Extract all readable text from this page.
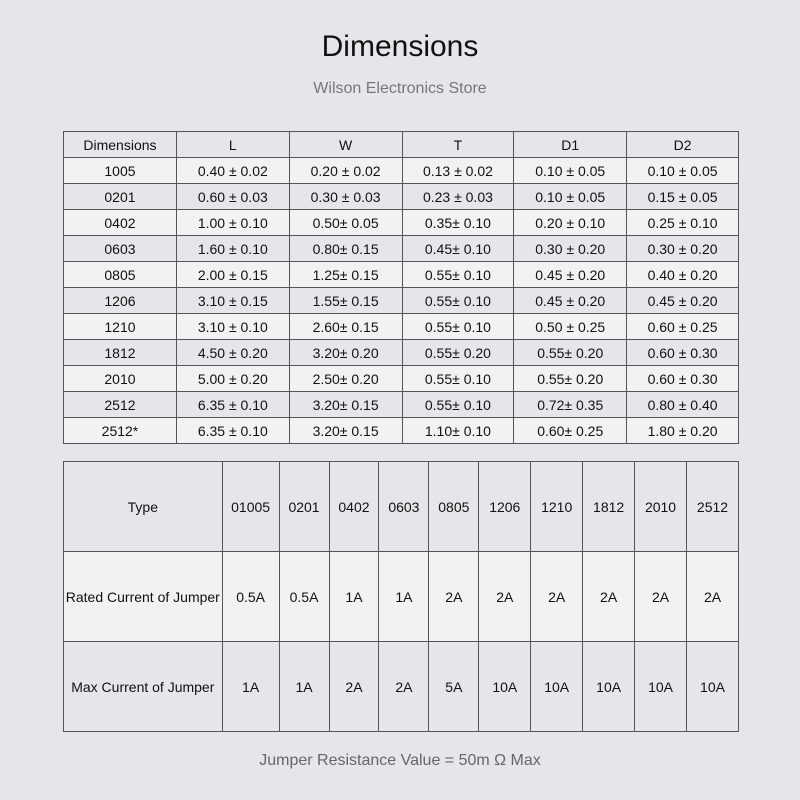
Dimensions
Wilson Electronics Store
Dimensions	L	W	T	D1	D2
1005	0.40 ± 0.02	0.20 ± 0.02	0.13 ± 0.02	0.10 ± 0.05	0.10 ± 0.05
0201	0.60 ± 0.03	0.30 ± 0.03	0.23 ± 0.03	0.10 ± 0.05	0.15 ± 0.05
0402	1.00 ± 0.10	0.50± 0.05	0.35± 0.10	0.20 ± 0.10	0.25 ± 0.10
0603	1.60 ± 0.10	0.80± 0.15	0.45± 0.10	0.30 ± 0.20	0.30 ± 0.20
0805	2.00 ± 0.15	1.25± 0.15	0.55± 0.10	0.45 ± 0.20	0.40 ± 0.20
1206	3.10 ± 0.15	1.55± 0.15	0.55± 0.10	0.45 ± 0.20	0.45 ± 0.20
1210	3.10 ± 0.10	2.60± 0.15	0.55± 0.10	0.50 ± 0.25	0.60 ± 0.25
1812	4.50 ± 0.20	3.20± 0.20	0.55± 0.20	0.55± 0.20	0.60 ± 0.30
2010	5.00 ± 0.20	2.50± 0.20	0.55± 0.10	0.55± 0.20	0.60 ± 0.30
2512	6.35 ± 0.10	3.20± 0.15	0.55± 0.10	0.72± 0.35	0.80 ± 0.40
2512*	6.35 ± 0.10	3.20± 0.15	1.10± 0.10	0.60± 0.25	1.80 ± 0.20
Type	01005	0201	0402	0603	0805	1206	1210	1812	2010	2512
Rated Current of Jumper	0.5A	0.5A	1A	1A	2A	2A	2A	2A	2A	2A
Max Current of Jumper	1A	1A	2A	2A	5A	10A	10A	10A	10A	10A
Jumper Resistance Value = 50m Ω Max
